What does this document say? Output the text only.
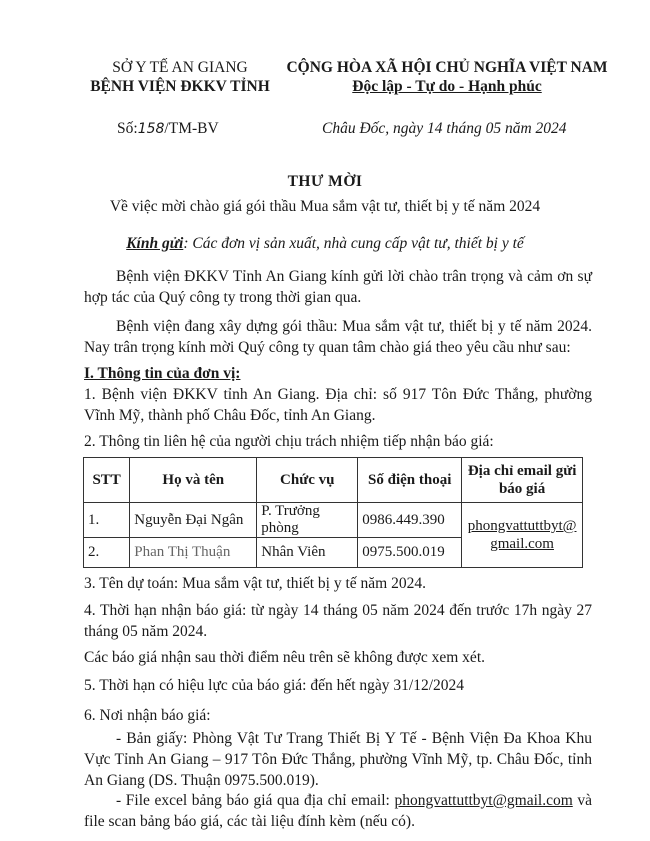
SỞ Y TẾ AN GIANG
BỆNH VIỆN ĐKKV TỈNH
CỘNG HÒA XÃ HỘI CHỦ NGHĨA VIỆT NAM
Độc lập - Tự do - Hạnh phúc
Số:158/TM-BV	Châu Đốc, ngày 14 tháng 05 năm 2024
THƯ MỜI
Về việc mời chào giá gói thầu Mua sắm vật tư, thiết bị y tế năm 2024
Kính gửi: Các đơn vị sản xuất, nhà cung cấp vật tư, thiết bị y tế
Bệnh viện ĐKKV Tỉnh An Giang kính gửi lời chào trân trọng và cảm ơn sự hợp tác của Quý công ty trong thời gian qua.
Bệnh viện đang xây dựng gói thầu: Mua sắm vật tư, thiết bị y tế năm 2024. Nay trân trọng kính mời Quý công ty quan tâm chào giá theo yêu cầu như sau:
I. Thông tin của đơn vị:
1. Bệnh viện ĐKKV tỉnh An Giang. Địa chỉ: số 917 Tôn Đức Thắng, phường Vĩnh Mỹ, thành phố Châu Đốc, tỉnh An Giang.
2. Thông tin liên hệ của người chịu trách nhiệm tiếp nhận báo giá:
STT	Họ và tên	Chức vụ	Số điện thoại	Địa chỉ email gửi báo giá
1.	Nguyễn Đại Ngân	P. Trưởng phòng	0986.449.390	phongvattuttbyt@
gmail.com

2.	Phan Thị Thuận	Nhân Viên	0975.500.019	
3. Tên dự toán: Mua sắm vật tư, thiết bị y tế năm 2024.
4. Thời hạn nhận báo giá: từ ngày 14 tháng 05 năm 2024 đến trước 17h ngày 27 tháng 05 năm 2024.
Các báo giá nhận sau thời điểm nêu trên sẽ không được xem xét.
5. Thời hạn có hiệu lực của báo giá: đến hết ngày 31/12/2024
6. Nơi nhận báo giá:
- Bản giấy: Phòng Vật Tư Trang Thiết Bị Y Tế - Bệnh Viện Đa Khoa Khu Vực Tỉnh An Giang – 917 Tôn Đức Thắng, phường Vĩnh Mỹ, tp. Châu Đốc, tỉnh An Giang (DS. Thuận 0975.500.019).
- File excel bảng báo giá qua địa chỉ email: phongvattuttbyt@gmail.com và file scan bảng báo giá, các tài liệu đính kèm (nếu có).
